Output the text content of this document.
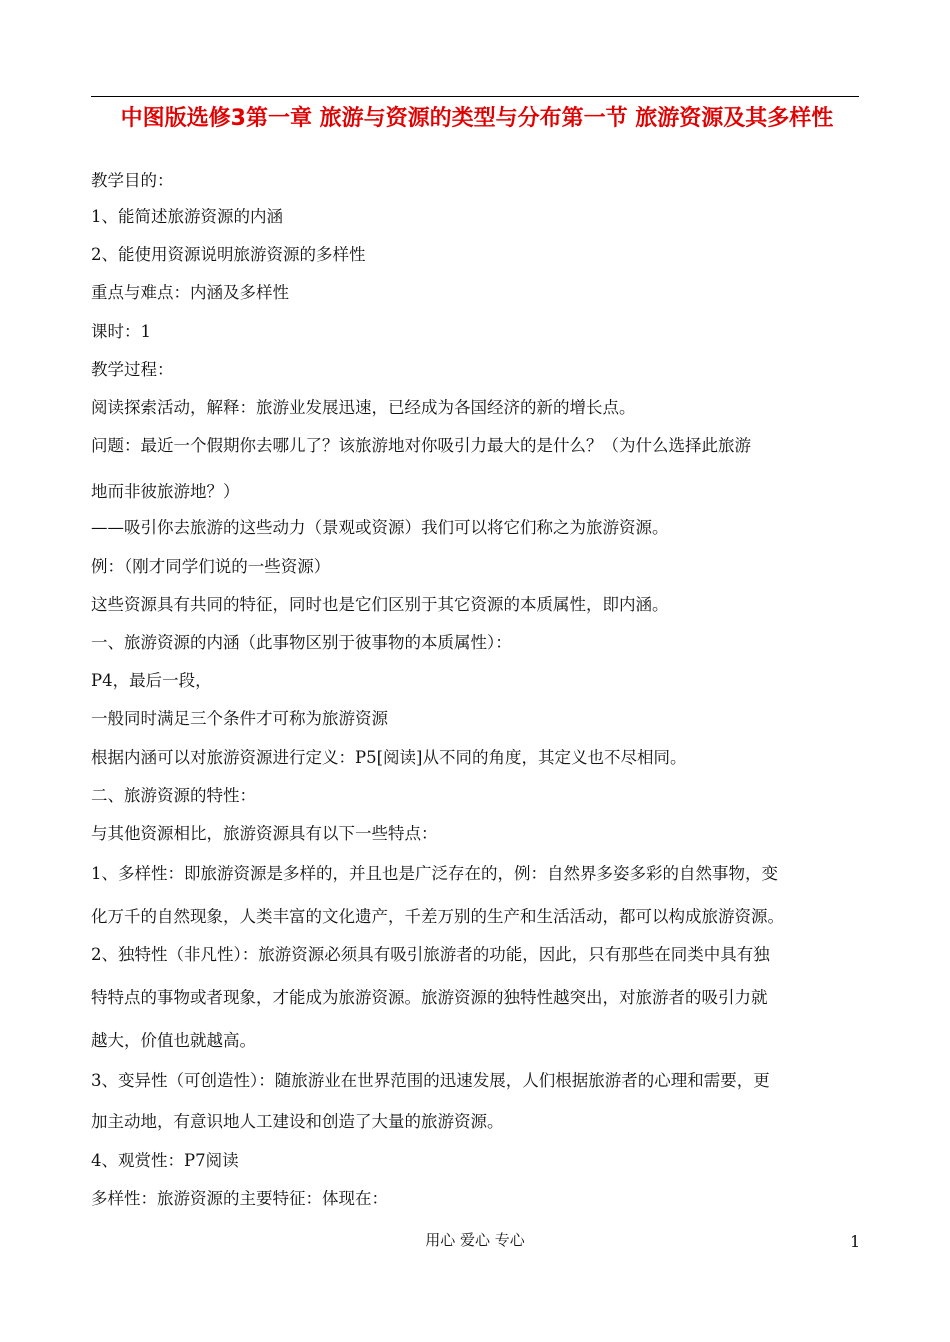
中图版选修3第一章 旅游与资源的类型与分布第一节 旅游资源及其多样性
教学目的：
1、能简述旅游资源的内涵
2、能使用资源说明旅游资源的多样性
重点与难点：内涵及多样性
课时：1
教学过程：
阅读探索活动，解释：旅游业发展迅速，已经成为各国经济的新的增长点。
问题：最近一个假期你去哪儿了？该旅游地对你吸引力最大的是什么？（为什么选择此旅游
地而非彼旅游地？）
——吸引你去旅游的这些动力（景观或资源）我们可以将它们称之为旅游资源。
例：（刚才同学们说的一些资源）
这些资源具有共同的特征，同时也是它们区别于其它资源的本质属性，即内涵。
一、旅游资源的内涵（此事物区别于彼事物的本质属性）：
P4，最后一段，
一般同时满足三个条件才可称为旅游资源
根据内涵可以对旅游资源进行定义：P5[阅读]从不同的角度，其定义也不尽相同。
二、旅游资源的特性：
与其他资源相比，旅游资源具有以下一些特点：
1、多样性：即旅游资源是多样的，并且也是广泛存在的，例：自然界多姿多彩的自然事物，变
化万千的自然现象，人类丰富的文化遗产，千差万别的生产和生活活动，都可以构成旅游资源。
2、独特性（非凡性）：旅游资源必须具有吸引旅游者的功能，因此，只有那些在同类中具有独
特特点的事物或者现象，才能成为旅游资源。旅游资源的独特性越突出，对旅游者的吸引力就
越大，价值也就越高。
3、变异性（可创造性）：随旅游业在世界范围的迅速发展，人们根据旅游者的心理和需要，更
加主动地，有意识地人工建设和创造了大量的旅游资源。
4、观赏性：P7阅读
多样性：旅游资源的主要特征：体现在：
用心 爱心 专心	1
